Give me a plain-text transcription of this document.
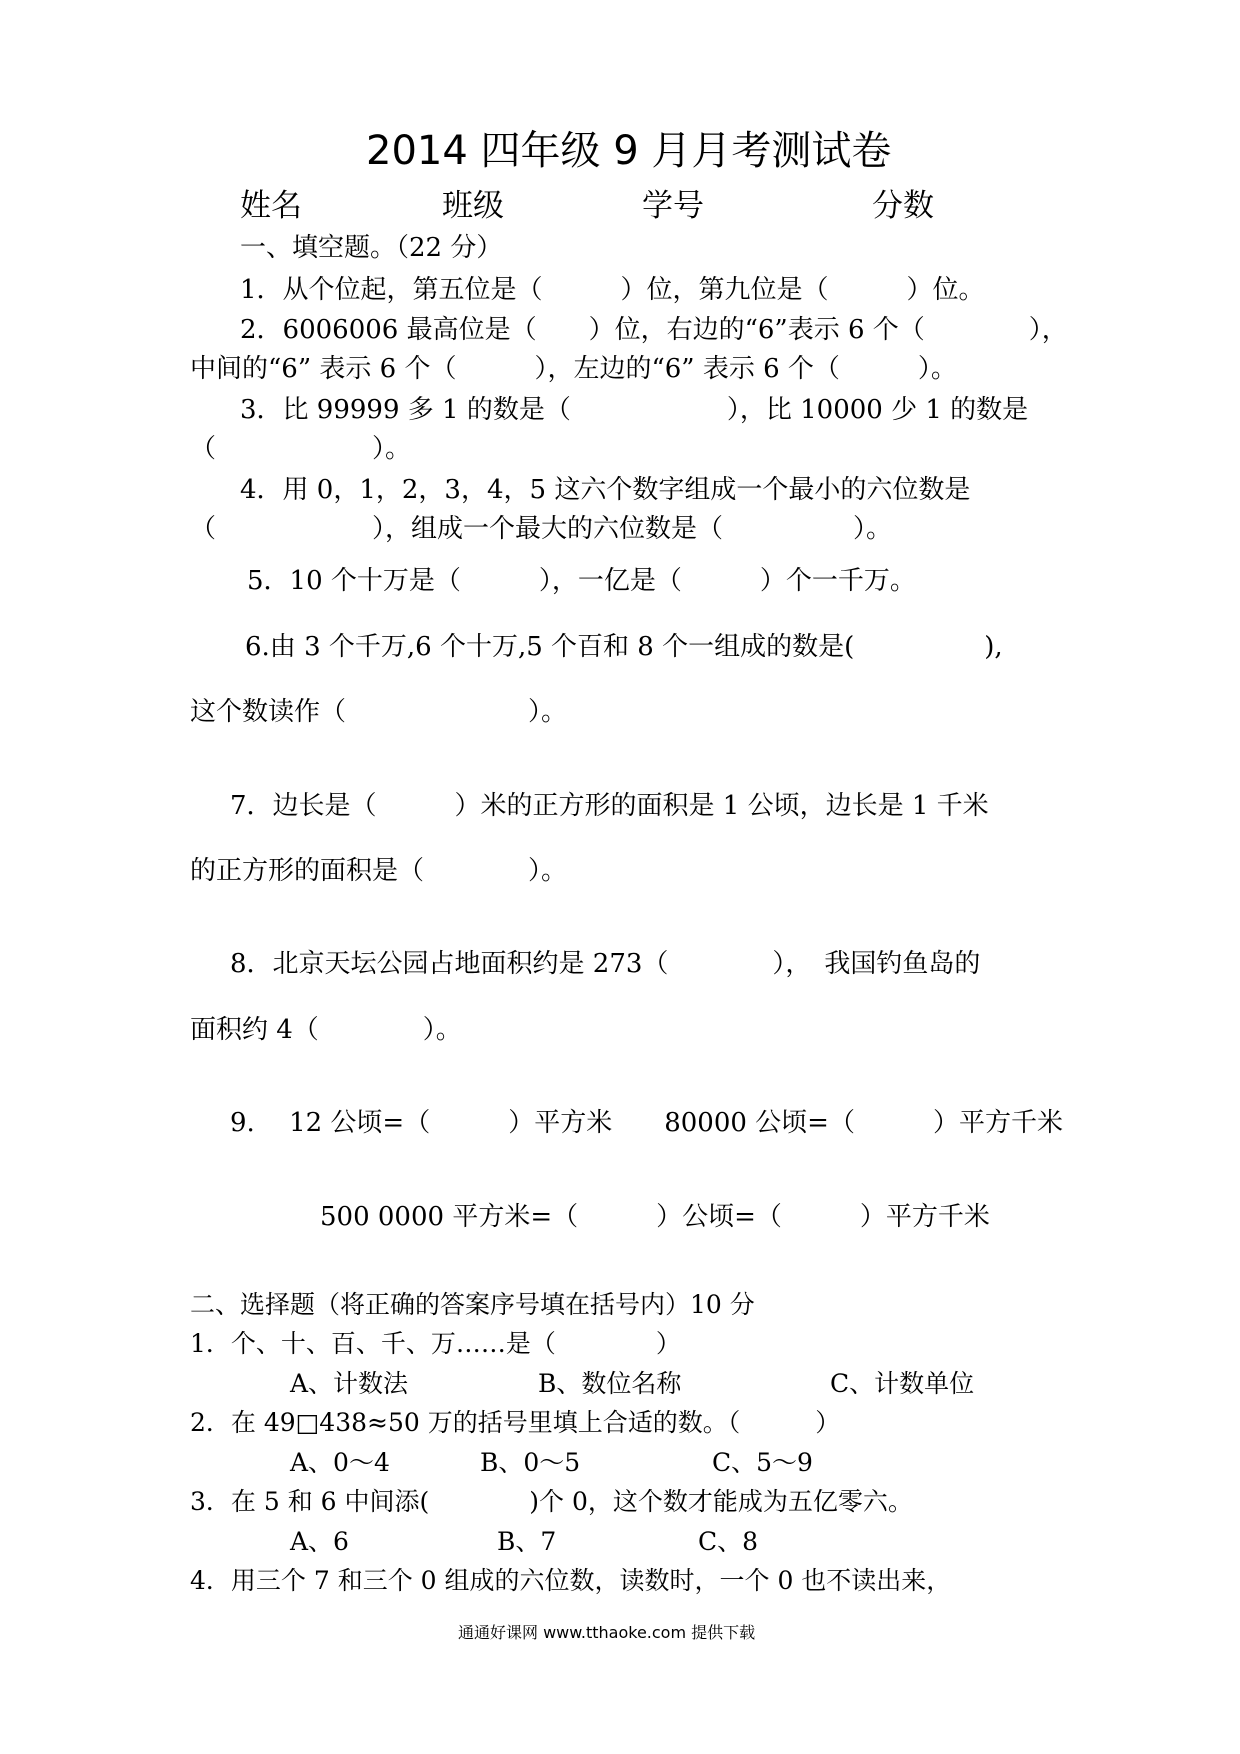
2014 四年级 9 月月考测试卷
姓名	班级	学号	分数
一、填空题。（22 分）
1．从个位起，第五位是（　　　）位，第九位是（　　　）位。
2．6006006 最高位是（　　）位，右边的“6”表示 6 个（　　　　），
中间的“6” 表示 6 个（　　　），左边的“6” 表示 6 个（　　　）。
3．比 99999 多 1 的数是（　　　　　　），比 10000 少 1 的数是
（　　　　　　）。
4．用 0，1，2，3，4，5 这六个数字组成一个最小的六位数是
（　　　　　　），组成一个最大的六位数是（　　　　　）。
5．10 个十万是（　　　），一亿是（　　　）个一千万。
6.由 3 个千万,6 个十万,5 个百和 8 个一组成的数是(　　　　　),
这个数读作（　　　　　　　）。
7．边长是（　　　）米的正方形的面积是 1 公顷，边长是 1 千米
的正方形的面积是（　　　　）。
8．北京天坛公园占地面积约是 273（　　　　），　我国钓鱼岛的
面积约 4（　　　　）。
9.　 12 公顷=（　　　）平方米　　80000 公顷=（　　　）平方千米
500 0000 平方米=（　　　）公顷=（　　　）平方千米
二、选择题（将正确的答案序号填在括号内）10 分
1．个、十、百、千、万……是（　　　　）
A、计数法	B、数位名称	C、计数单位
2．在 49□438≈50 万的括号里填上合适的数。（　　　）
A、0～4	B、0～5	C、5～9
3．在 5 和 6 中间添(　　　　)个 0，这个数才能成为五亿零六。
A、6	B、7	C、8
4．用三个 7 和三个 0 组成的六位数，读数时，一个 0 也不读出来，
通通好课网 www.tthaoke.com 提供下载
